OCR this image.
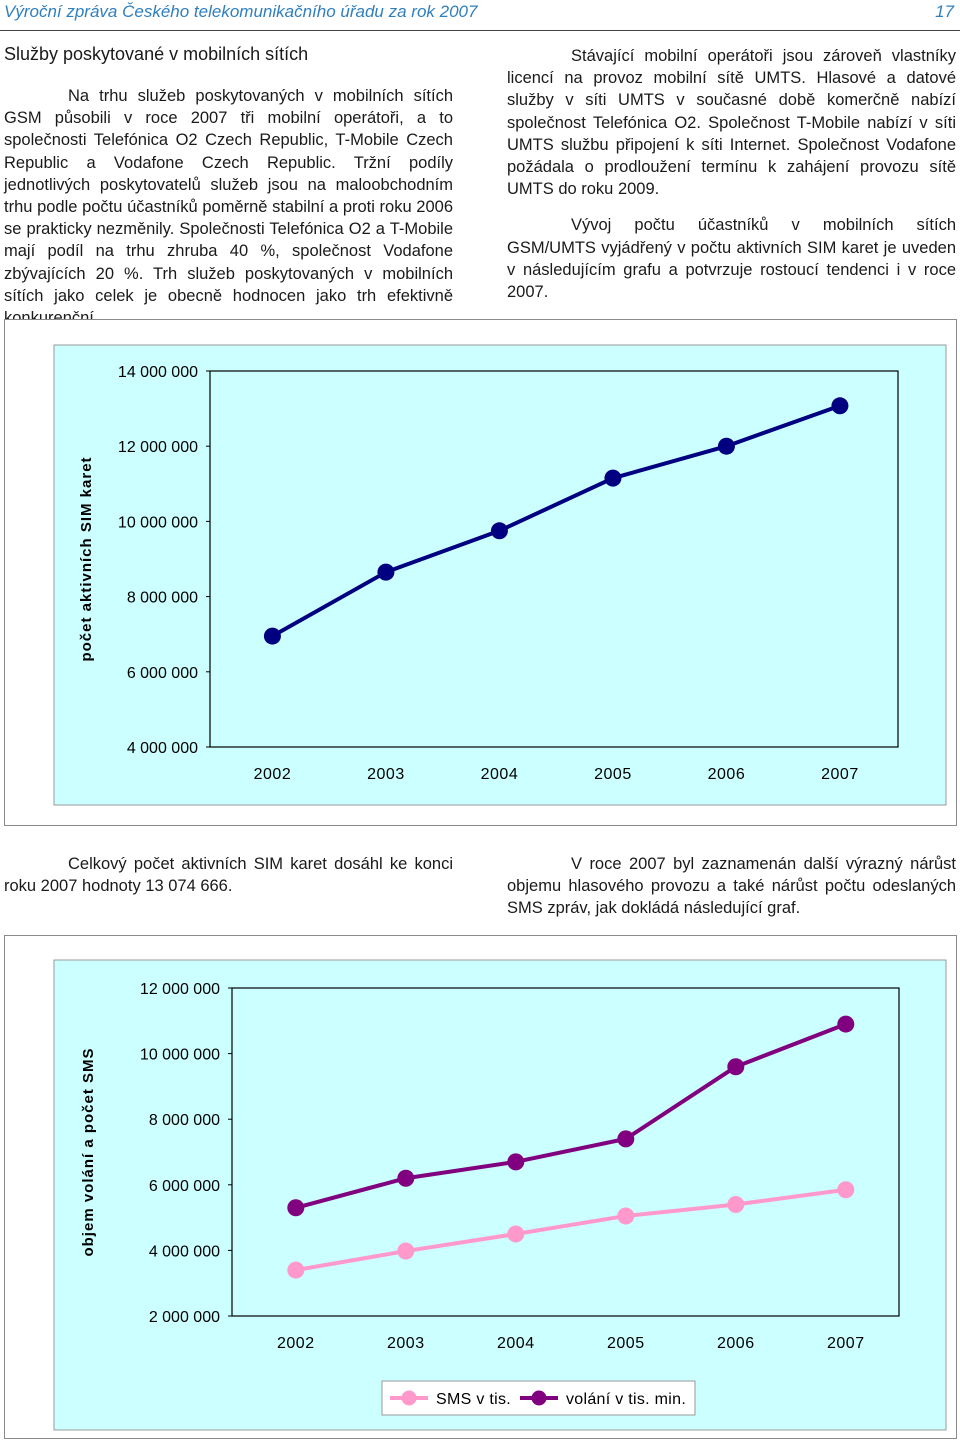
Výroční zpráva Českého telekomunikačního úřadu za rok 2007	17
Služby poskytované v mobilních sítích

Na trhu služeb poskytovaných v mobilních sítích GSM působili v roce 2007 tři mobilní operátoři, a to společnosti Telefónica O2 Czech Republic, T-Mobile Czech Republic a Vodafone Czech Republic. Tržní podíly jednotlivých poskytovatelů služeb jsou na maloobchodním trhu podle počtu účastníků poměrně stabilní a proti roku 2006 se prakticky nezměnily. Společnosti Telefónica O2 a T-Mobile mají podíl na trhu zhruba 40 %, společnost Vodafone zbývajících 20 %. Trh služeb poskytovaných v mobilních sítích jako celek je obecně hodnocen jako trh efektivně

Stávající mobilní operátoři jsou zároveň vlastníky licencí na provoz mobilní sítě UMTS. Hlasové a datové služby v síti UMTS v současné době komerčně nabízí společnost Telefónica O2. Společnost T-Mobile nabízí v síti UMTS službu připojení k síti Internet. Společnost Vodafone požádala o prodloužení termínu k zahájení provozu sítě UMTS do roku 2009.

Vývoj počtu účastníků v mobilních sítích GSM/UMTS vyjádřený v počtu aktivních SIM karet je uveden v následujícím grafu a potvrzuje rostoucí tendenci i v roce 2007.

4 000 000
6 000 000
8 000 000
10 000 000
12 000 000
14 000 000
2002	2003	2004	2005	2006	2007
počet aktivních SIM karet

Celkový počet aktivních SIM karet dosáhl ke konci roku 2007 hodnoty 13 074 666.

V roce 2007 byl zaznamenán další výrazný nárůst objemu hlasového provozu a také nárůst počtu odeslaných SMS zpráv, jak dokládá následující graf.

2 000 000
4 000 000
6 000 000
8 000 000
10 000 000
12 000 000
2002	2003	2004	2005	2006	2007
objem volání a počet SMS
SMS v tis.	volání v tis. min.
